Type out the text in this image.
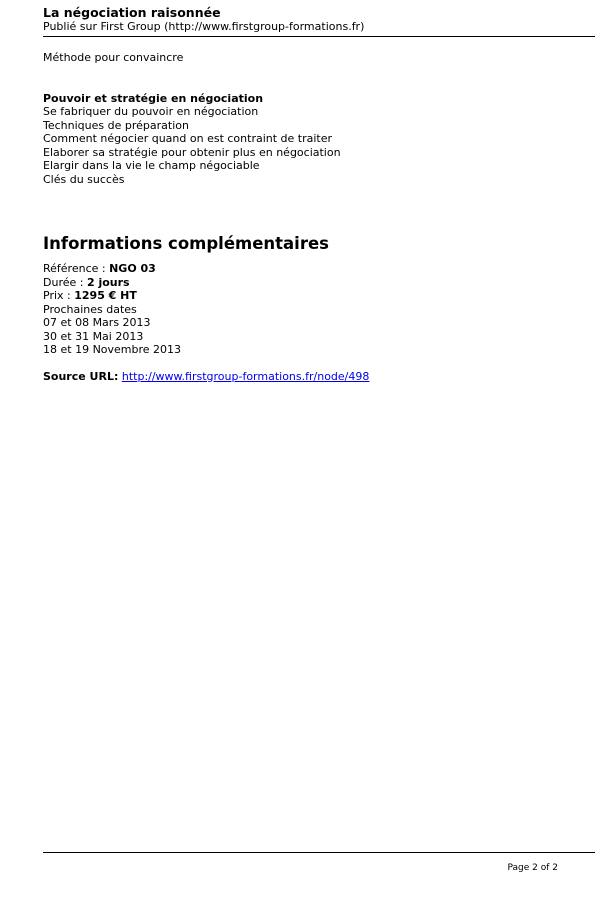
La négociation raisonnée
Publié sur First Group (http://www.firstgroup-formations.fr)
Méthode pour convaincre
Pouvoir et stratégie en négociation
Se fabriquer du pouvoir en négociation
Techniques de préparation
Comment négocier quand on est contraint de traiter
Elaborer sa stratégie pour obtenir plus en négociation
Elargir dans la vie le champ négociable
Clés du succès
Informations complémentaires
Référence : NGO 03
Durée : 2 jours
Prix : 1295 € HT
Prochaines dates
07 et 08 Mars 2013
30 et 31 Mai 2013
18 et 19 Novembre 2013
Source URL: http://www.firstgroup-formations.fr/node/498
Page 2 of 2
